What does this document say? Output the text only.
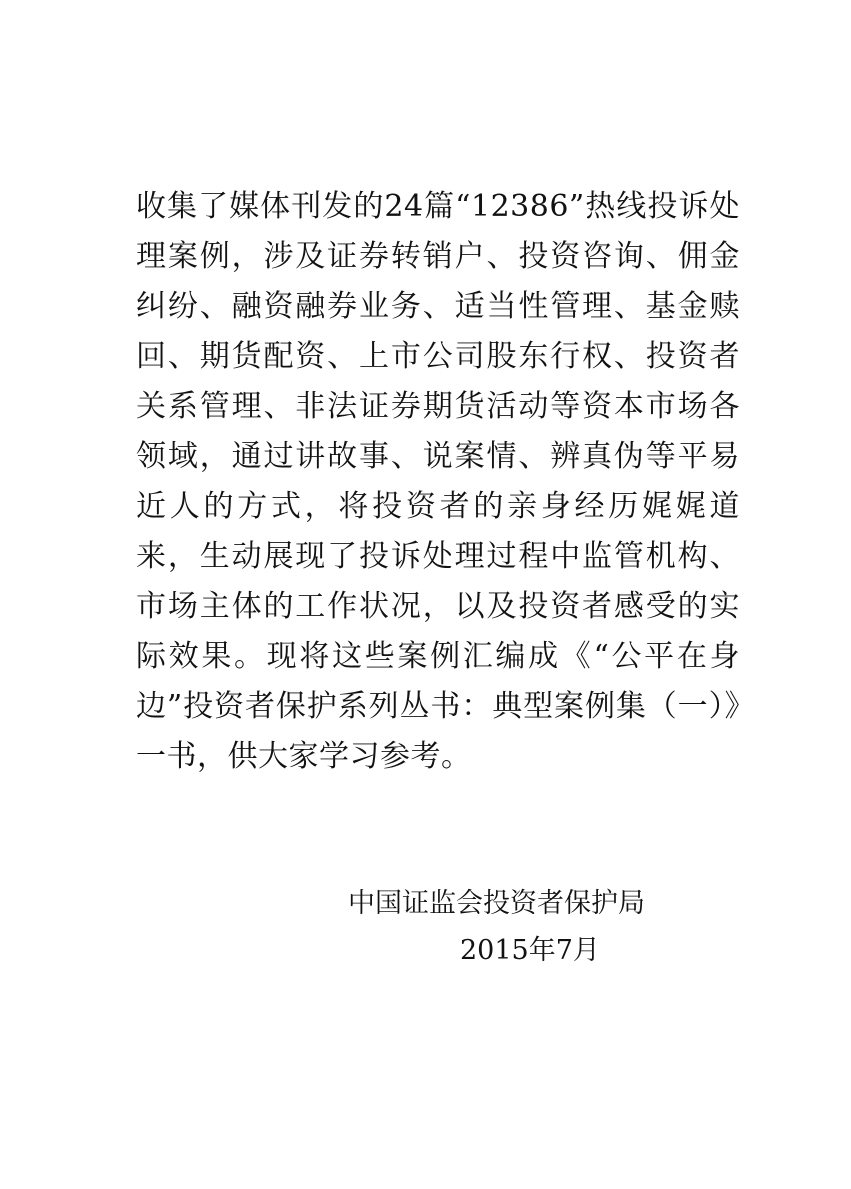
收集了媒体刊发的24篇“12386”热线投诉处理案例，涉及证券转销户、投资咨询、佣金纠纷、融资融券业务、适当性管理、基金赎回、期货配资、上市公司股东行权、投资者关系管理、非法证券期货活动等资本市场各领域，通过讲故事、说案情、辨真伪等平易近人的方式，将投资者的亲身经历娓娓道来，生动展现了投诉处理过程中监管机构、市场主体的工作状况，以及投资者感受的实际效果。现将这些案例汇编成《“公平在身边”投资者保护系列丛书：典型案例集（一）》一书，供大家学习参考。

中国证监会投资者保护局
2015年7月
